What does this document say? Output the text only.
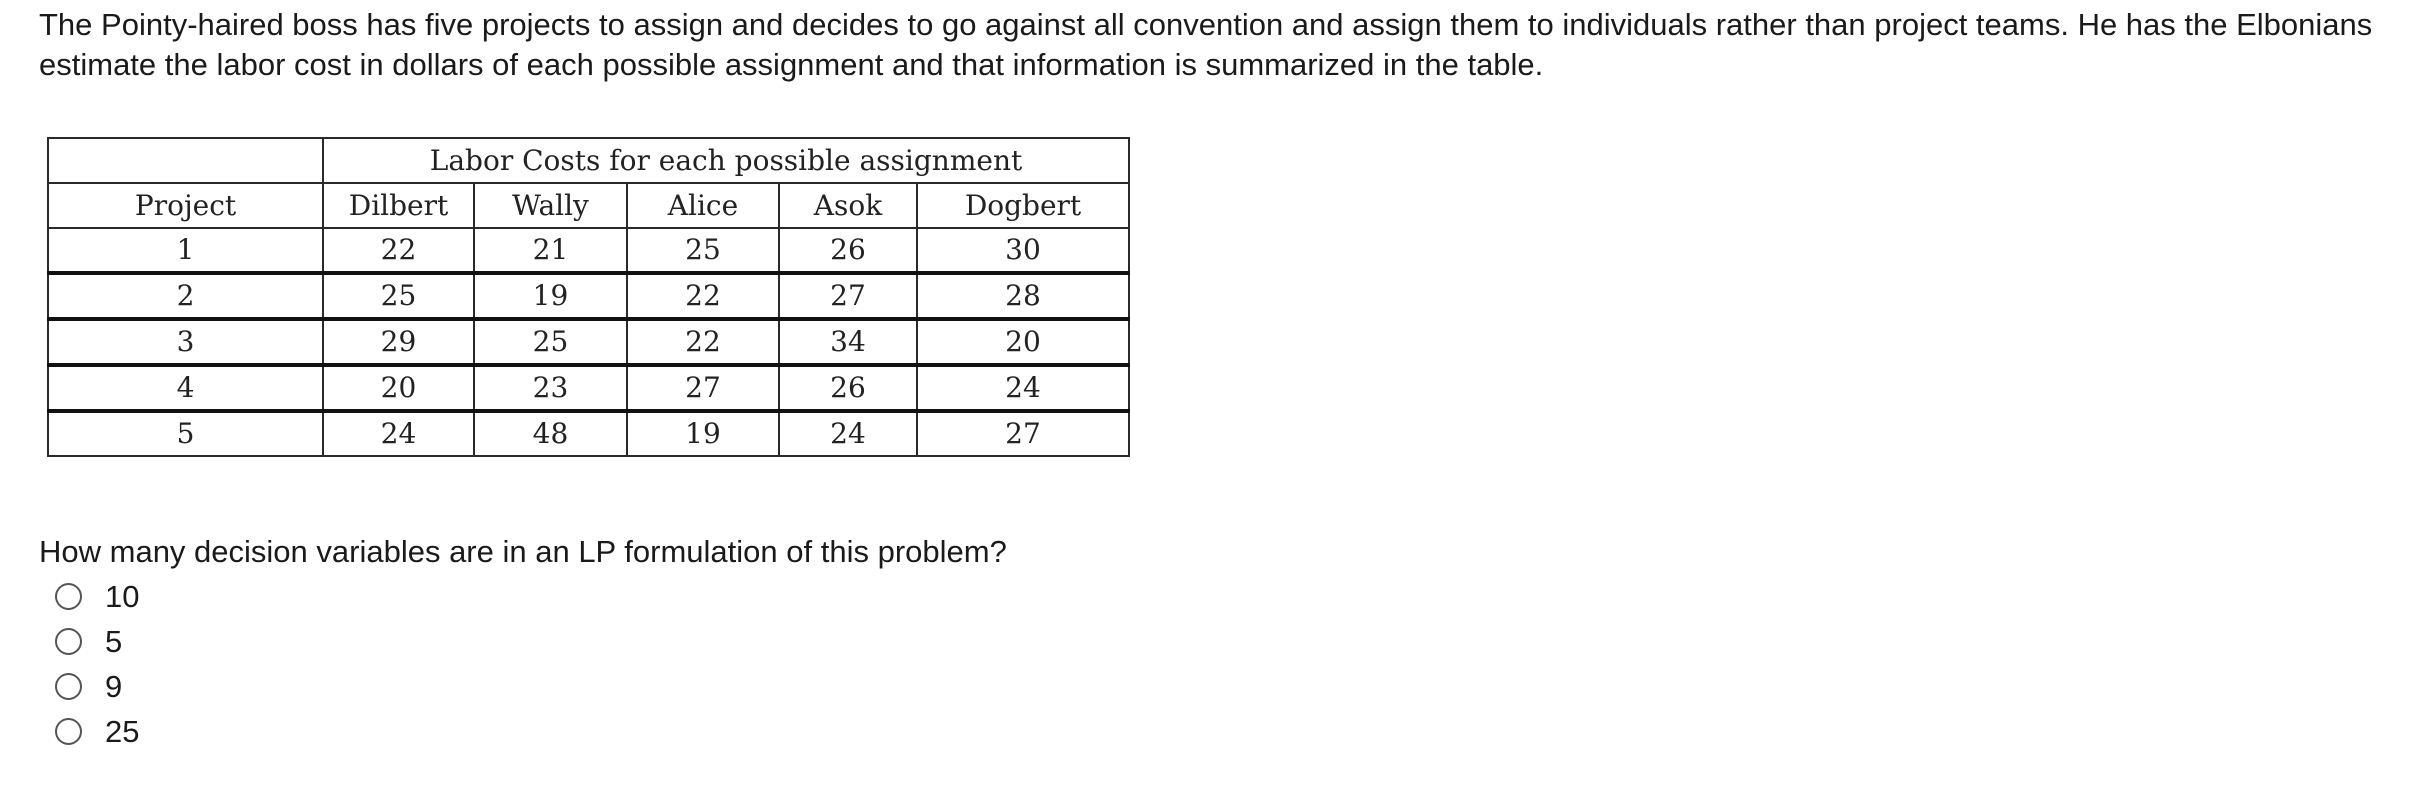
The Pointy-haired boss has five projects to assign and decides to go against all convention and assign them to individuals rather than project teams. He has the Elbonians estimate the labor cost in dollars of each possible assignment and that information is summarized in the table.

	Labor Costs for each possible assignment				
Project	Dilbert	Wally	Alice	Asok	Dogbert
1	22	21	25	26	30
2	25	19	22	27	28
3	29	25	22	34	20
4	20	23	27	26	24
5	24	48	19	24	27

How many decision variables are in an LP formulation of this problem?

10
5
9
25
